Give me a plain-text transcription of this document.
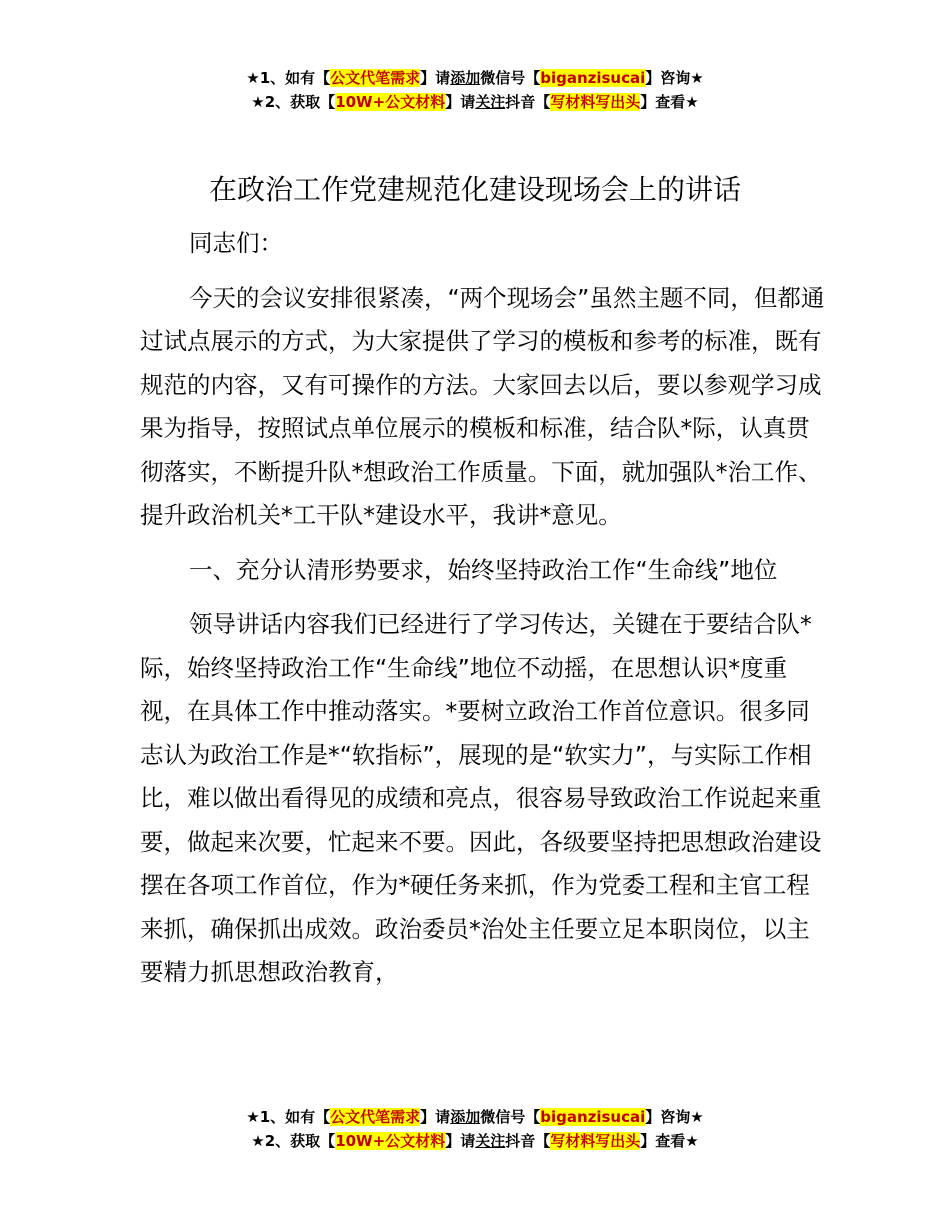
★1、如有【公文代笔需求】请添加微信号【biganzisucai】咨询★
★2、获取【10W+公文材料】请关注抖音【写材料写出头】查看★
在政治工作党建规范化建设现场会上的讲话

同志们：

今天的会议安排很紧凑，“两个现场会”虽然主题不同，但都通过试点展示的方式，为大家提供了学习的模板和参考的标准，既有规范的内容，又有可操作的方法。大家回去以后，要以参观学习成果为指导，按照试点单位展示的模板和标准，结合队*际，认真贯彻落实，不断提升队*想政治工作质量。下面，就加强队*治工作、提升政治机关*工干队*建设水平，我讲*意见。

一、充分认清形势要求，始终坚持政治工作“生命线”地位

领导讲话内容我们已经进行了学习传达，关键在于要结合队*际，始终坚持政治工作“生命线”地位不动摇，在思想认识*度重视，在具体工作中推动落实。*要树立政治工作首位意识。很多同志认为政治工作是*“软指标”，展现的是“软实力”，与实际工作相比，难以做出看得见的成绩和亮点，很容易导致政治工作说起来重要，做起来次要，忙起来不要。因此，各级要坚持把思想政治建设摆在各项工作首位，作为*硬任务来抓，作为党委工程和主官工程来抓，确保抓出成效。政治委员*治处主任要立足本职岗位，以主要精力抓思想政治教育，

★1、如有【公文代笔需求】请添加微信号【biganzisucai】咨询★
★2、获取【10W+公文材料】请关注抖音【写材料写出头】查看★
